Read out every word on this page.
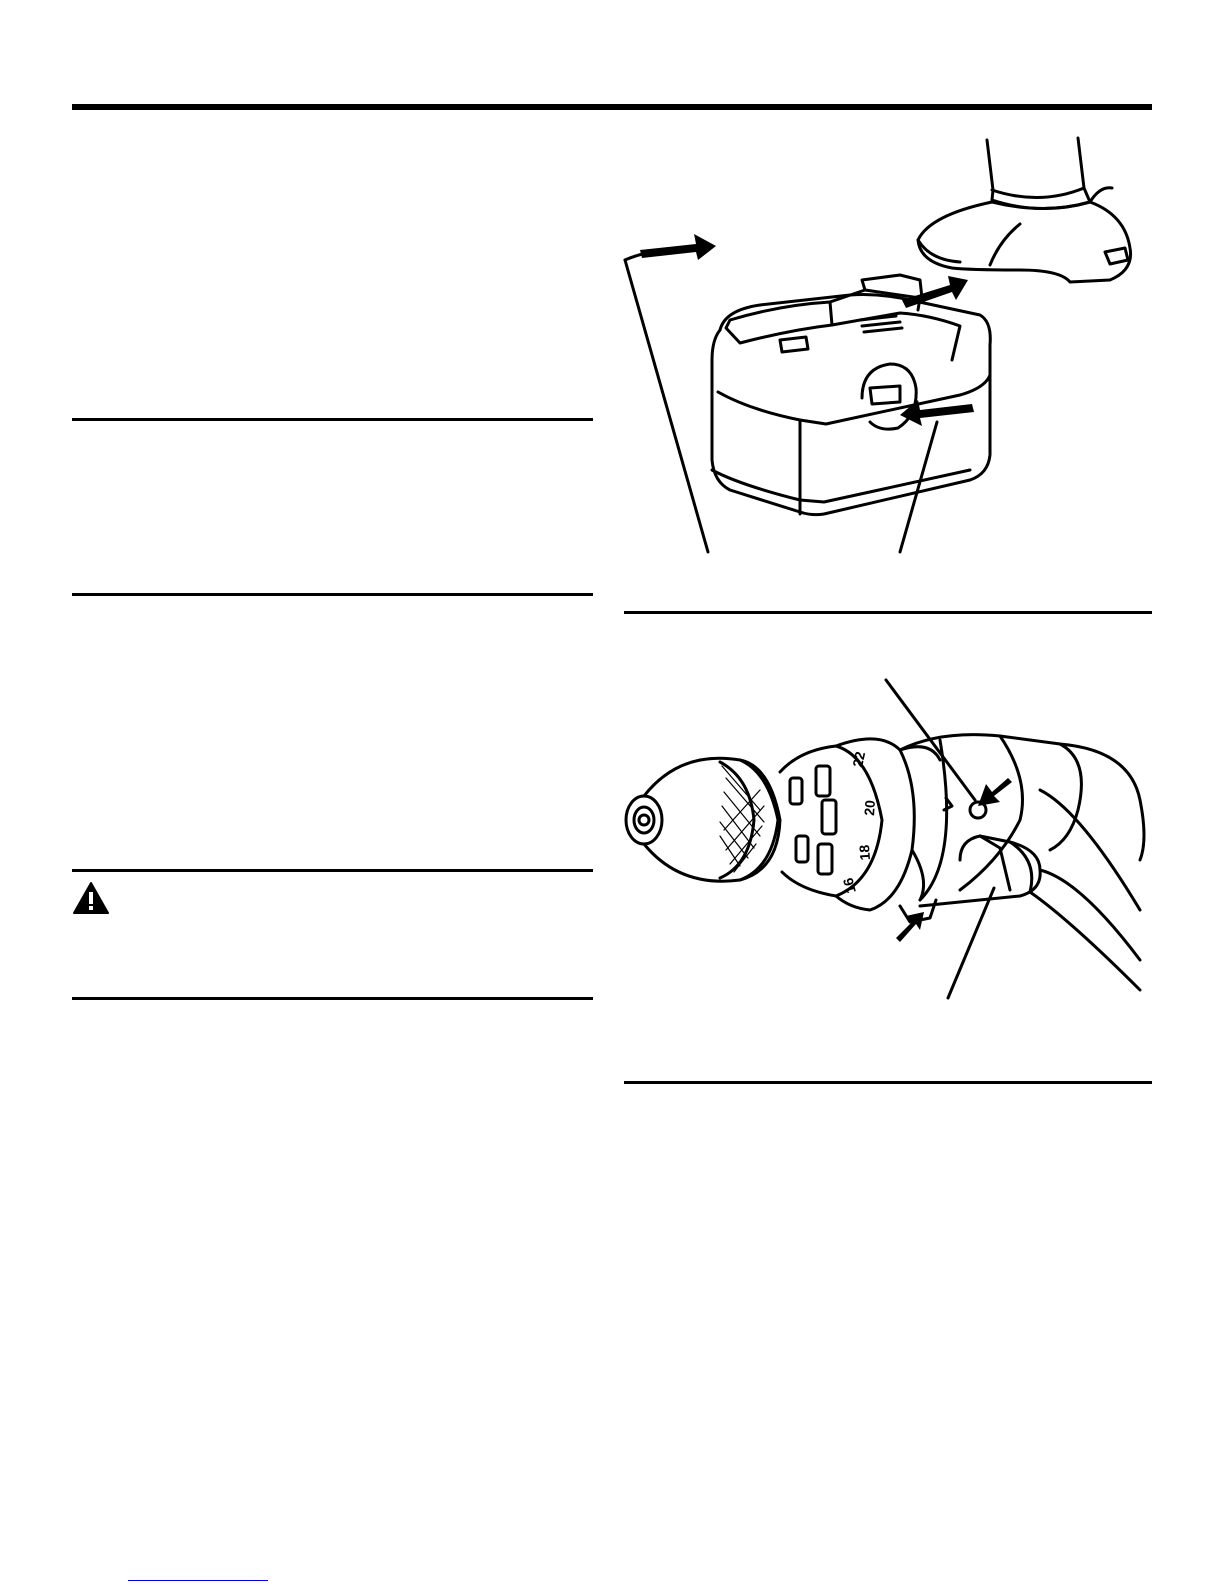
22
20
18
16
